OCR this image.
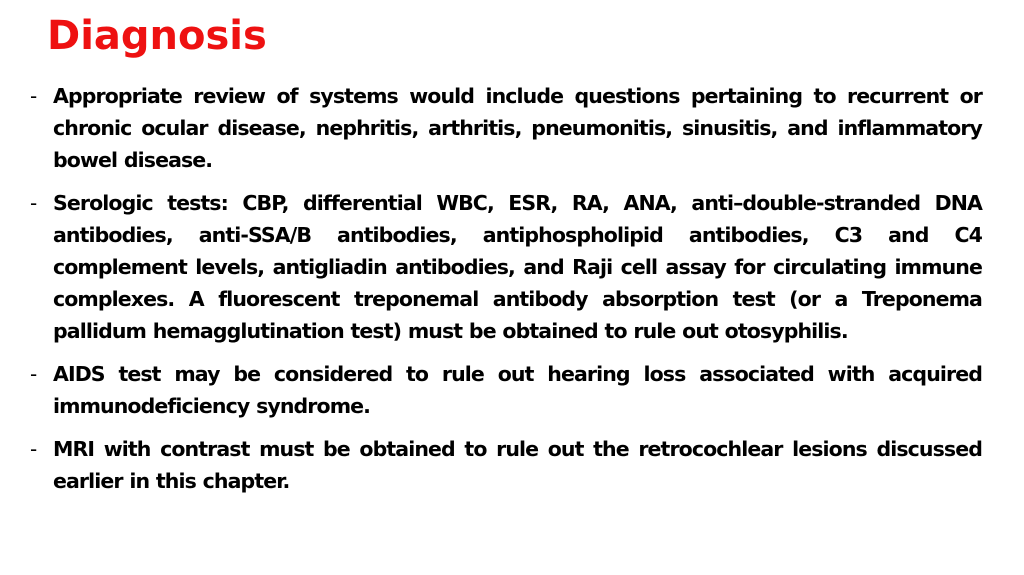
Diagnosis
- Appropriate review of systems would include questions pertaining to recurrent or chronic ocular disease, nephritis, arthritis, pneumonitis, sinusitis, and inflammatory bowel disease.
- Serologic tests: CBP, differential WBC, ESR, RA, ANA, anti–double-stranded DNA antibodies, anti-SSA/B antibodies, antiphospholipid antibodies, C3 and C4 complement levels, antigliadin antibodies, and Raji cell assay for circulating immune complexes. A fluorescent treponemal antibody absorption test (or a Treponema pallidum hemagglutination test) must be obtained to rule out otosyphilis.
- AIDS test may be considered to rule out hearing loss associated with acquired immunodeficiency syndrome.
- MRI with contrast must be obtained to rule out the retrocochlear lesions discussed earlier in this chapter.
